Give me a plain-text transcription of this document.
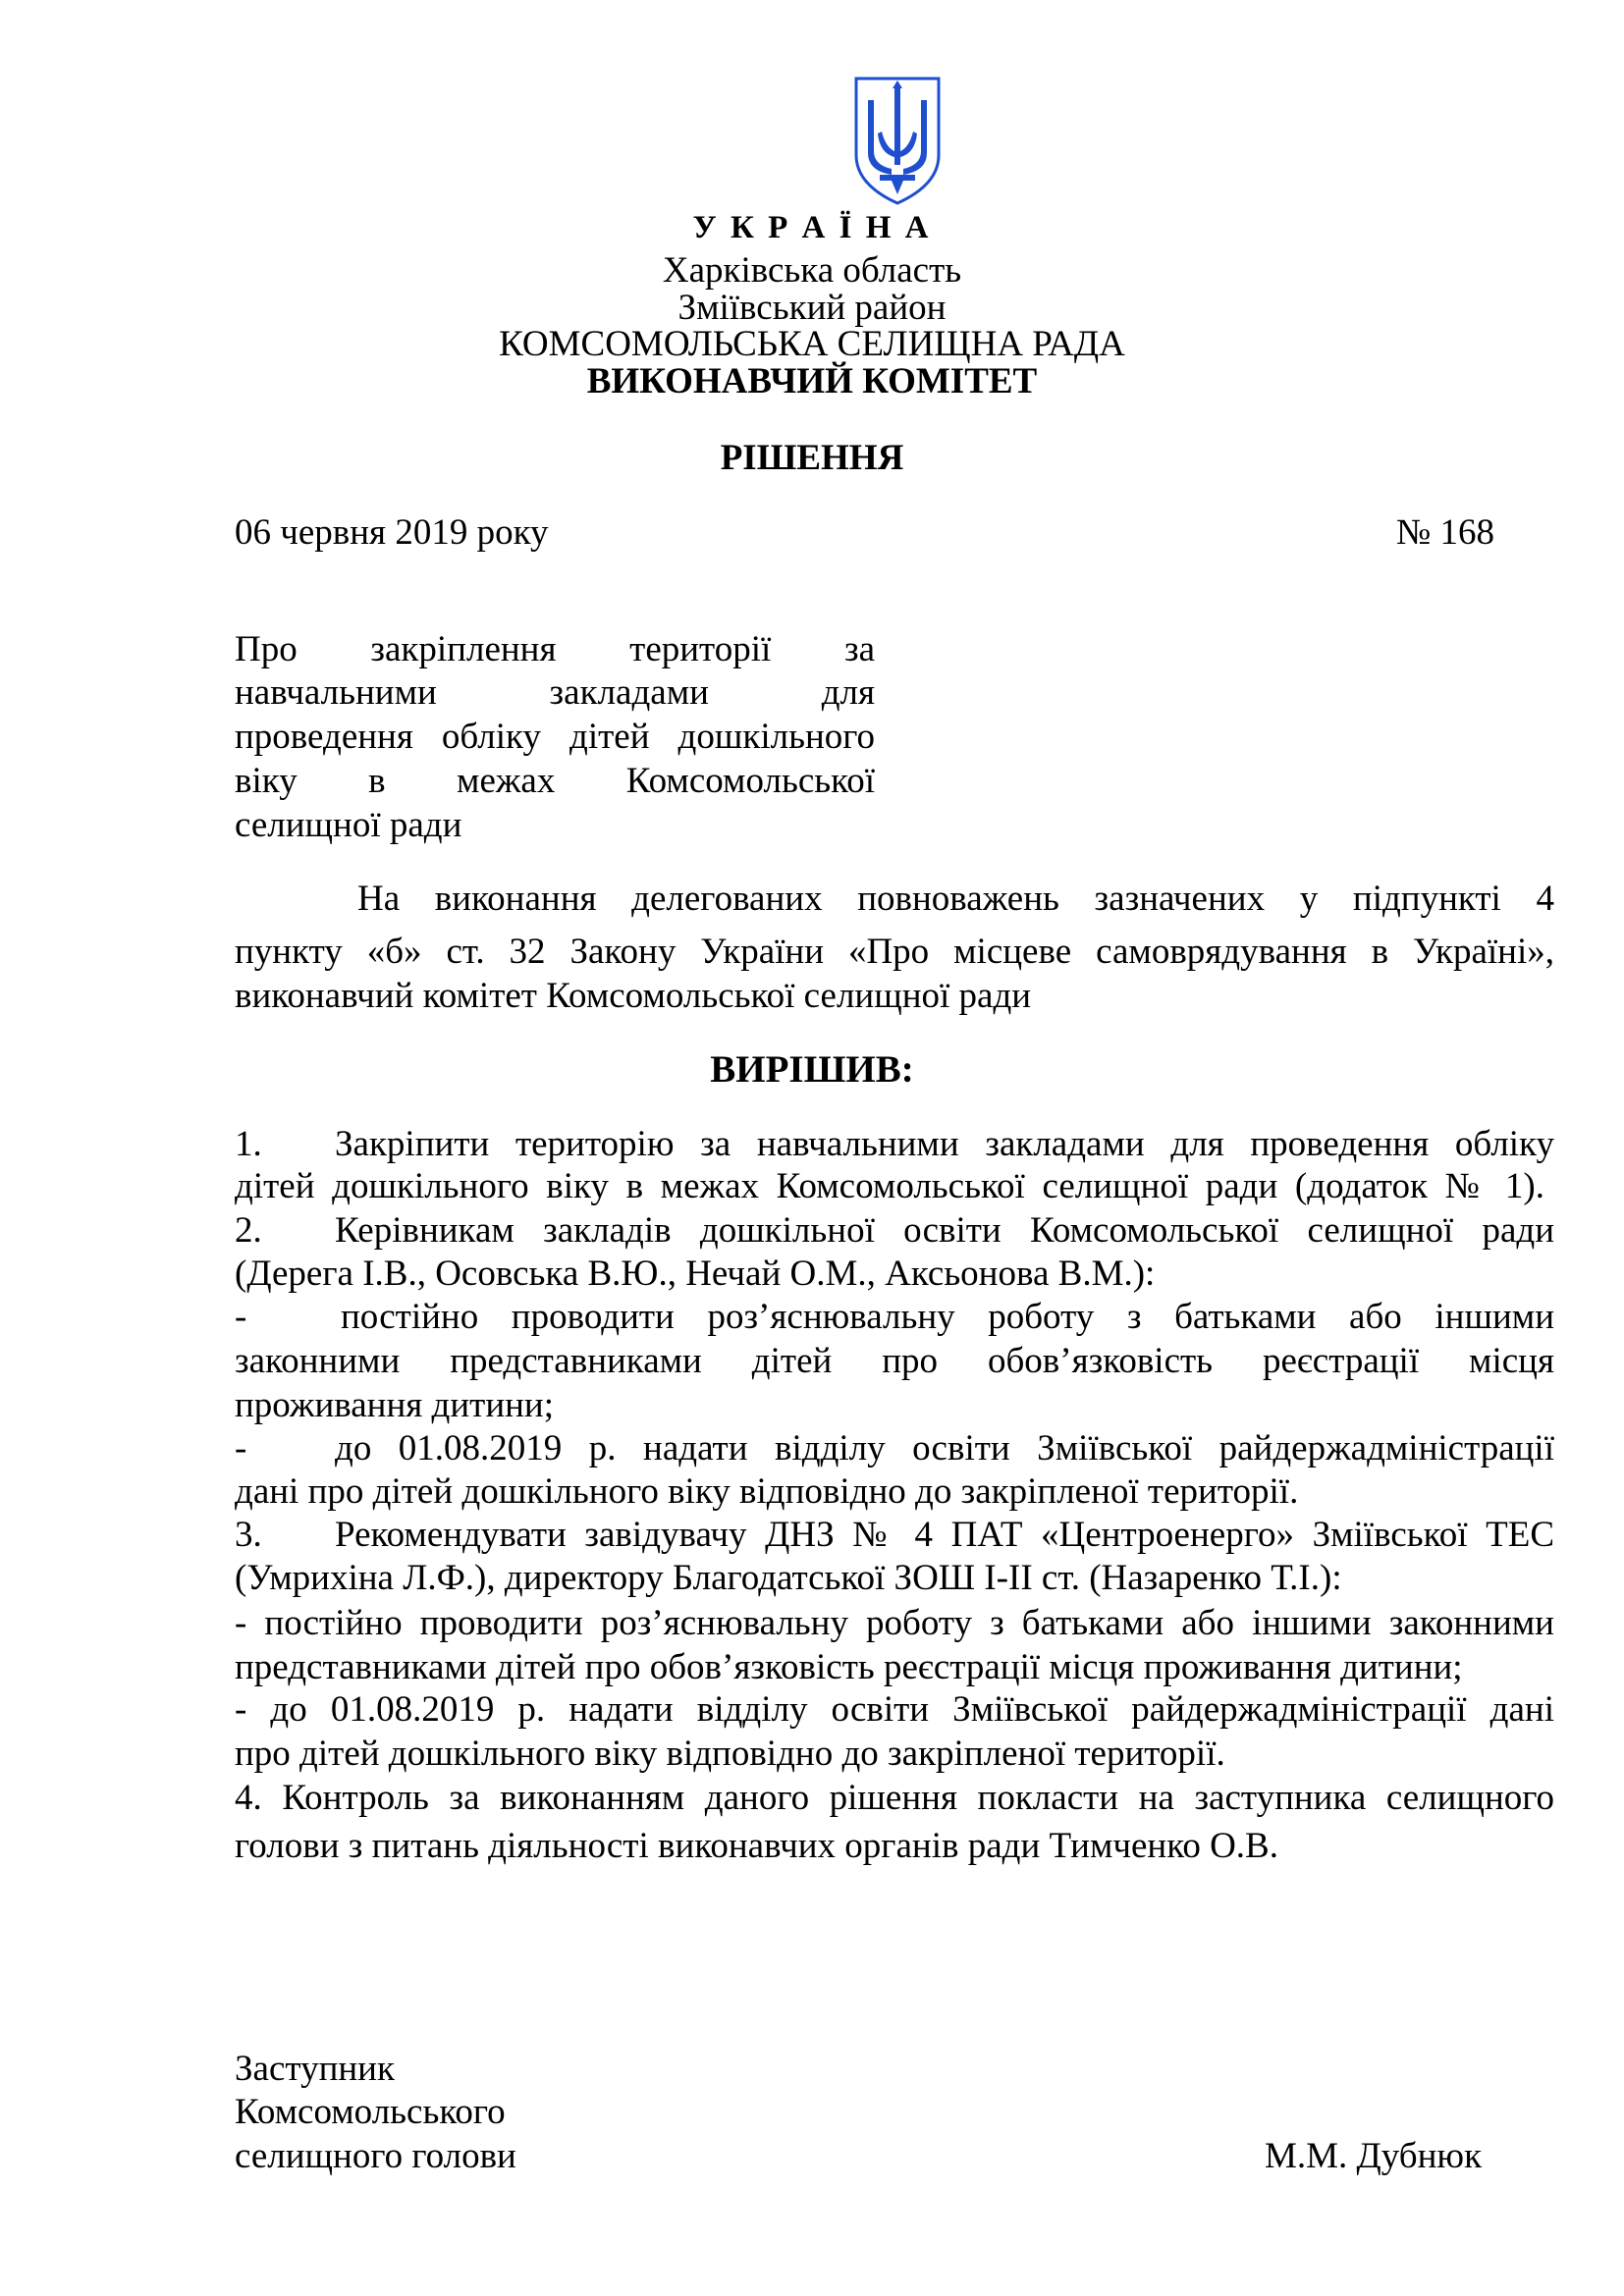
У К Р А Ї Н А
Харківська область
Зміївський район
КОМСОМОЛЬСЬКА СЕЛИЩНА РАДА
ВИКОНАВЧИЙ КОМІТЕТ
РІШЕННЯ
06 червня 2019 року	№ 168
Про закріплення території за
навчальними закладами для
проведення обліку дітей дошкільного
віку в межах Комсомольської
селищної ради
На виконання делегованих повноважень зазначених у підпункті 4
пункту «б» ст. 32 Закону України «Про місцеве самоврядування в Україні»,
виконавчий комітет Комсомольської селищної ради
ВИРІШИВ:
1. Закріпити територію за навчальними закладами для проведення обліку
дітей дошкільного віку в межах Комсомольської селищної ради (додаток № 1).
2. Керівникам закладів дошкільної освіти Комсомольської селищної ради
(Дерега І.В., Осовська В.Ю., Нечай О.М., Аксьонова В.М.):
-	постійно проводити роз’яснювальну роботу з батьками або іншими
законними представниками дітей про обов’язковість реєстрації місця
проживання дитини;
- до 01.08.2019 р. надати відділу освіти Зміївської райдержадміністрації
дані про дітей дошкільного віку відповідно до закріпленої території.
3. Рекомендувати завідувачу ДНЗ № 4 ПАТ «Центроенерго» Зміївської ТЕС
(Умрихіна Л.Ф.), директору Благодатської ЗОШ І-ІІ ст. (Назаренко Т.І.):
- постійно проводити роз’яснювальну роботу з батьками або іншими законними
представниками дітей про обов’язковість реєстрації місця проживання дитини;
- до 01.08.2019 р. надати відділу освіти Зміївської райдержадміністрації дані
про дітей дошкільного віку відповідно до закріпленої території.
4. Контроль за виконанням даного рішення покласти на заступника селищного
голови з питань діяльності виконавчих органів ради Тимченко О.В.
Заступник
Комсомольського
селищного голови	М.М. Дубнюк
